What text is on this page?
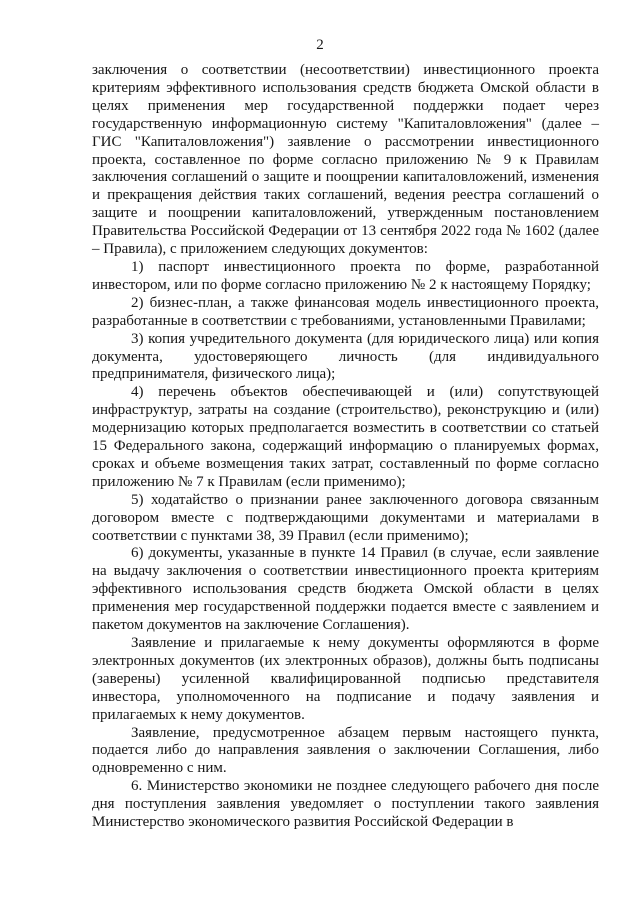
2

заключения о соответствии (несоответствии) инвестиционного проекта критериям эффективного использования средств бюджета Омской области в целях применения мер государственной поддержки подает через государственную информационную систему "Капиталовложения" (далее – ГИС "Капиталовложения") заявление о рассмотрении инвестиционного проекта, составленное по форме согласно приложению № 9 к Правилам заключения соглашений о защите и поощрении капиталовложений, изменения и прекращения действия таких соглашений, ведения реестра соглашений о защите и поощрении капиталовложений, утвержденным постановлением Правительства Российской Федерации от 13 сентября 2022 года № 1602 (далее – Правила), с приложением следующих документов:

1) паспорт инвестиционного проекта по форме, разработанной инвестором, или по форме согласно приложению № 2 к настоящему Порядку;

2) бизнес-план, а также финансовая модель инвестиционного проекта, разработанные в соответствии с требованиями, установленными Правилами;

3) копия учредительного документа (для юридического лица) или копия документа, удостоверяющего личность (для индивидуального предпринимателя, физического лица);

4) перечень объектов обеспечивающей и (или) сопутствующей инфраструктур, затраты на создание (строительство), реконструкцию и (или) модернизацию которых предполагается возместить в соответствии со статьей 15 Федерального закона, содержащий информацию о планируемых формах, сроках и объеме возмещения таких затрат, составленный по форме согласно приложению № 7 к Правилам (если применимо);

5) ходатайство о признании ранее заключенного договора связанным договором вместе с подтверждающими документами и материалами в соответствии с пунктами 38, 39 Правил (если применимо);

6) документы, указанные в пункте 14 Правил (в случае, если заявление на выдачу заключения о соответствии инвестиционного проекта критериям эффективного использования средств бюджета Омской области в целях применения мер государственной поддержки подается вместе с заявлением и пакетом документов на заключение Соглашения).

Заявление и прилагаемые к нему документы оформляются в форме электронных документов (их электронных образов), должны быть подписаны (заверены) усиленной квалифицированной подписью представителя инвестора, уполномоченного на подписание и подачу заявления и прилагаемых к нему документов.

Заявление, предусмотренное абзацем первым настоящего пункта, подается либо до направления заявления о заключении Соглашения, либо одновременно с ним.

6. Министерство экономики не позднее следующего рабочего дня после дня поступления заявления уведомляет о поступлении такого заявления Министерство экономического развития Российской Федерации в
